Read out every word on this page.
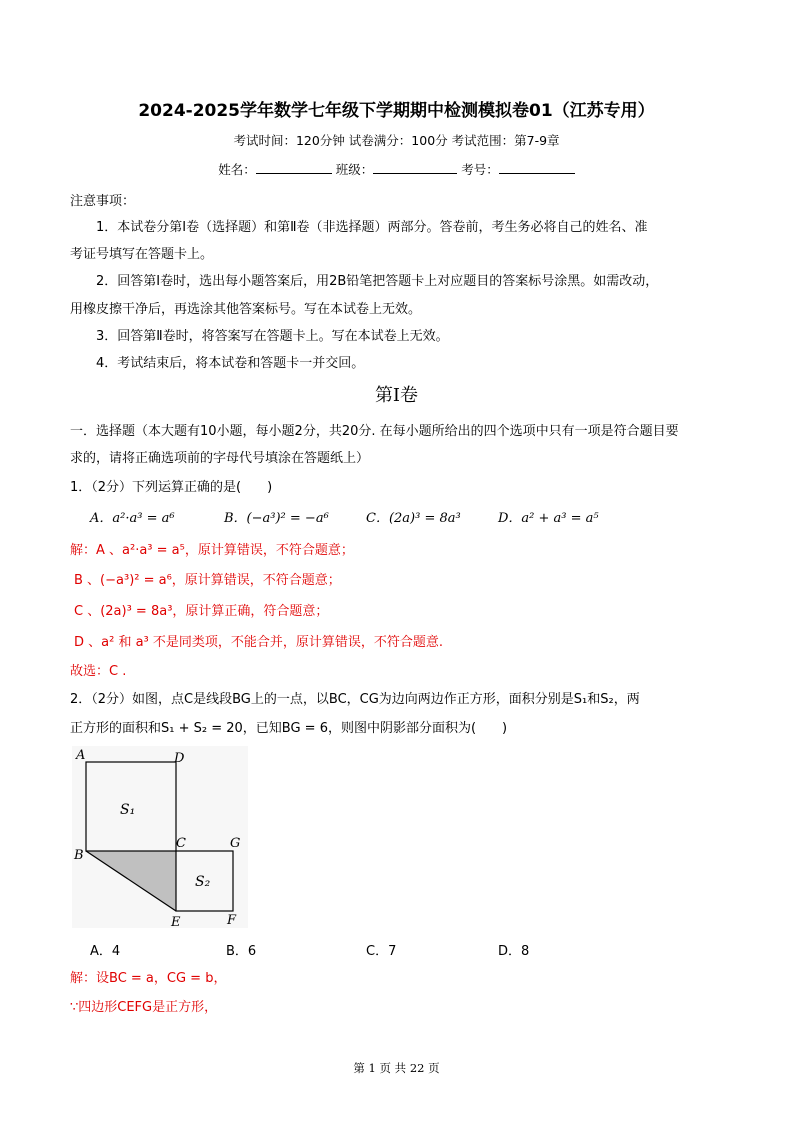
2024-2025学年数学七年级下学期期中检测模拟卷01（江苏专用）
考试时间：120分钟 试卷满分：100分 考试范围：第7-9章
姓名：	班级：	考号：
注意事项：
1．本试卷分第Ⅰ卷（选择题）和第Ⅱ卷（非选择题）两部分。答卷前，考生务必将自己的姓名、准
考证号填写在答题卡上。
2．回答第Ⅰ卷时，选出每小题答案后，用2B铅笔把答题卡上对应题目的答案标号涂黑。如需改动，
用橡皮擦干净后，再选涂其他答案标号。写在本试卷上无效。
3．回答第Ⅱ卷时，将答案写在答题卡上。写在本试卷上无效。
4．考试结束后，将本试卷和答题卡一并交回。
第Ⅰ卷
一．选择题（本大题有10小题，每小题2分，共20分. 在每小题所给出的四个选项中只有一项是符合题目要
求的，请将正确选项前的字母代号填涂在答题纸上）
1．（2分）下列运算正确的是(　　)
A．a²·a³ = a⁶	B．(−a³)² = −a⁶	C．(2a)³ = 8a³	D．a² + a³ = a⁵
解：A 、a²·a³ = a⁵，原计算错误，不符合题意；
B 、(−a³)² = a⁶，原计算错误，不符合题意；
C 、(2a)³ = 8a³，原计算正确，符合题意；
D 、a² 和 a³ 不是同类项，不能合并，原计算错误，不符合题意.
故选：C .
2．（2分）如图，点C是线段BG上的一点，以BC，CG为边向两边作正方形，面积分别是S₁和S₂，两
正方形的面积和S₁ + S₂ = 20，已知BG = 6，则图中阴影部分面积为(　　)
A	D
B
C	G
E	F
S₁
S₂
A．4	B．6	C．7	D．8
解：设BC = a，CG = b，
∵四边形CEFG是正方形，
第 1 页 共 22 页
